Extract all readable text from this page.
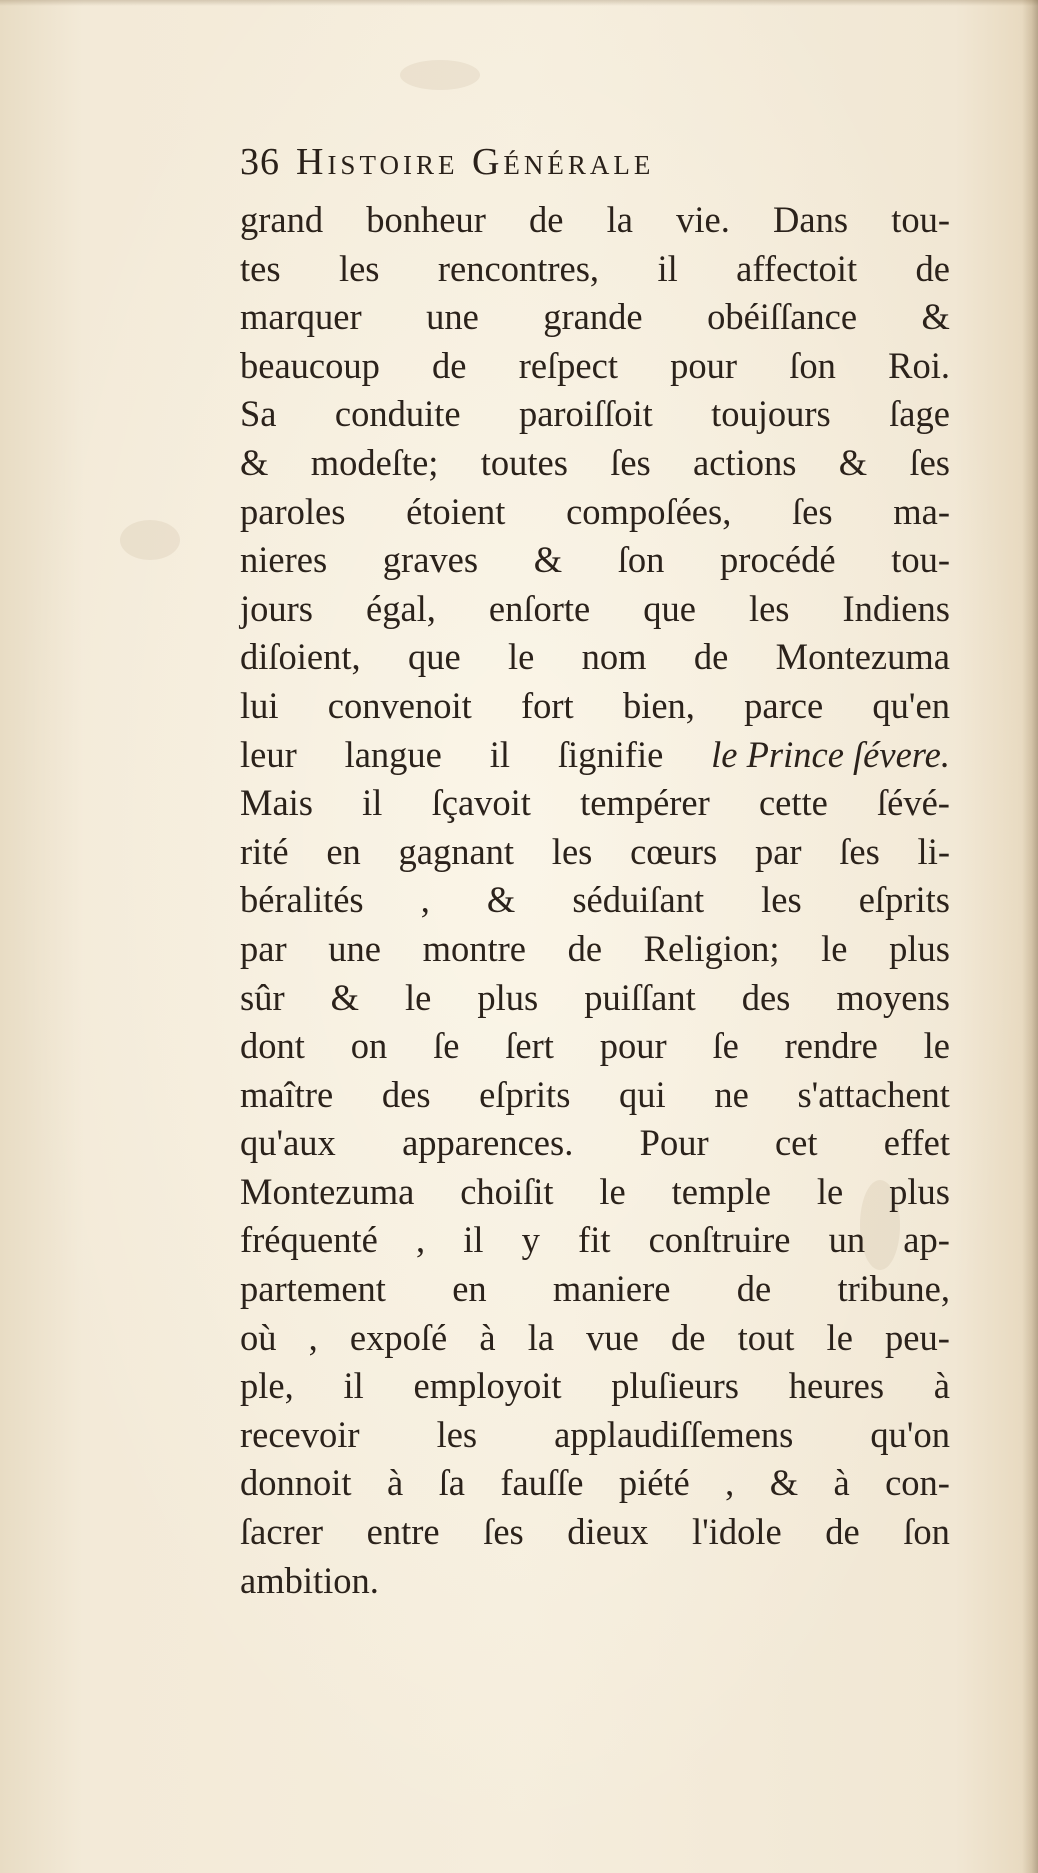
36 Histoire Générale
grand bonheur de la vie. Dans tou-
tes les rencontres, il affectoit de
marquer une grande obéiſſance &
beaucoup de reſpect pour ſon Roi.
Sa conduite paroiſſoit toujours ſage
& modeſte; toutes ſes actions & ſes
paroles étoient compoſées, ſes ma-
nieres graves & ſon procédé tou-
jours égal, enſorte que les Indiens
diſoient, que le nom de Montezuma
lui convenoit fort bien, parce qu'en
leur langue il ſignifie le Prince ſévere.
Mais il ſçavoit tempérer cette ſévé-
rité en gagnant les cœurs par ſes li-
béralités , & séduiſant les eſprits
par une montre de Religion; le plus
sûr & le plus puiſſant des moyens
dont on ſe ſert pour ſe rendre le
maître des eſprits qui ne s'attachent
qu'aux apparences. Pour cet effet
Montezuma choiſit le temple le plus
fréquenté , il y fit conſtruire un ap-
partement en maniere de tribune,
où , expoſé à la vue de tout le peu-
ple, il employoit pluſieurs heures à
recevoir les applaudiſſemens qu'on
donnoit à ſa fauſſe piété , & à con-
ſacrer entre ſes dieux l'idole de ſon
ambition.
